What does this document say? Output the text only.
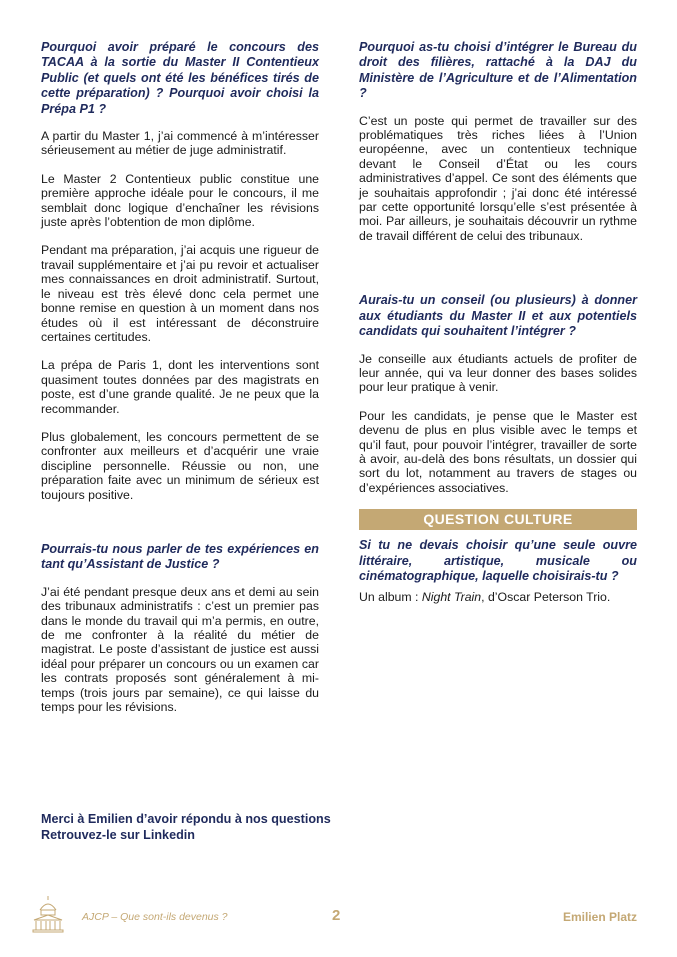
Pourquoi avoir préparé le concours des TACAA à la sortie du Master II Contentieux Public (et quels ont été les bénéfices tirés de cette préparation) ? Pourquoi avoir choisi la Prépa P1 ?

A partir du Master 1, j’ai commencé à m’intéresser sérieusement au métier de juge administratif.

Le Master 2 Contentieux public constitue une première approche idéale pour le concours, il me semblait donc logique d’enchaîner les révisions juste après l’obtention de mon diplôme.

Pendant ma préparation, j’ai acquis une rigueur de travail supplémentaire et j’ai pu revoir et actualiser mes connaissances en droit administratif. Surtout, le niveau est très élevé donc cela permet une bonne remise en question à un moment dans nos études où il est intéressant de déconstruire certaines certitudes.

La prépa de Paris 1, dont les interventions sont quasiment toutes données par des magistrats en poste, est d’une grande qualité. Je ne peux que la recommander.

Plus globalement, les concours permettent de se confronter aux meilleurs et d’acquérir une vraie discipline personnelle. Réussie ou non, une préparation faite avec un minimum de sérieux est toujours positive.

Pourrais-tu nous parler de tes expériences en tant qu’Assistant de Justice ?

J’ai été pendant presque deux ans et demi au sein des tribunaux administratifs : c’est un premier pas dans le monde du travail qui m’a permis, en outre, de me confronter à la réalité du métier de magistrat. Le poste d’assistant de justice est aussi idéal pour préparer un concours ou un examen car les contrats proposés sont généralement à mi-temps (trois jours par semaine), ce qui laisse du temps pour les révisions.

Pourquoi as-tu choisi d’intégrer le Bureau du droit des filières, rattaché à la DAJ du Ministère de l’Agriculture et de l’Alimentation ?

C’est un poste qui permet de travailler sur des problématiques très riches liées à l’Union européenne, avec un contentieux technique devant le Conseil d’État ou les cours administratives d’appel. Ce sont des éléments que je souhaitais approfondir ; j’ai donc été intéressé par cette opportunité lorsqu’elle s’est présentée à moi. Par ailleurs, je souhaitais découvrir un rythme de travail différent de celui des tribunaux.

Aurais-tu un conseil (ou plusieurs) à donner aux étudiants du Master II et aux potentiels candidats qui souhaitent l’intégrer ?

Je conseille aux étudiants actuels de profiter de leur année, qui va leur donner des bases solides pour leur pratique à venir.

Pour les candidats, je pense que le Master est devenu de plus en plus visible avec le temps et qu’il faut, pour pouvoir l’intégrer, travailler de sorte à avoir, au-delà des bons résultats, un dossier qui sort du lot, notamment au travers de stages ou d’expériences associatives.

QUESTION CULTURE

Si tu ne devais choisir qu’une seule ouvre littéraire, artistique, musicale ou cinématographique, laquelle choisirais-tu ?

Un album : Night Train, d’Oscar Peterson Trio.

Merci à Emilien d’avoir répondu à nos questions
Retrouvez-le sur Linkedin
AJCP – Que sont-ils devenus ?	2	Emilien Platz
